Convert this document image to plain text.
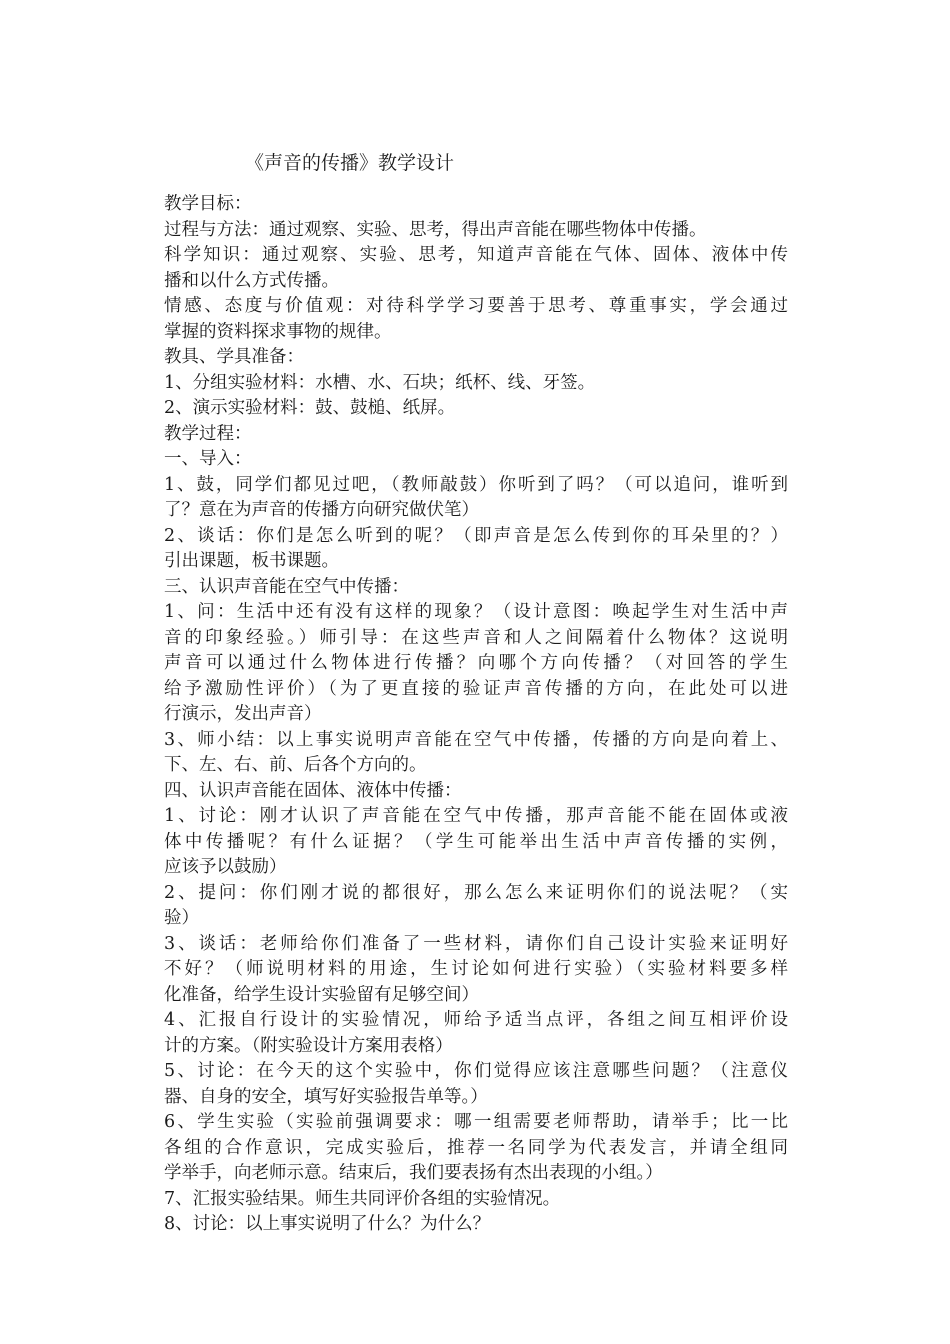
《声音的传播》教学设计
教学目标：
过程与方法：通过观察、实验、思考，得出声音能在哪些物体中传播。
科学知识：通过观察、实验、思考，知道声音能在气体、固体、液体中传
播和以什么方式传播。
情感、态度与价值观：对待科学学习要善于思考、尊重事实，学会通过
掌握的资料探求事物的规律。
教具、学具准备：
1、分组实验材料：水槽、水、石块；纸杯、线、牙签。
2、演示实验材料：鼓、鼓槌、纸屏。
教学过程：
一、导入：
1、鼓，同学们都见过吧，（教师敲鼓）你听到了吗？（可以追问，谁听到
了？意在为声音的传播方向研究做伏笔）
2、谈话：你们是怎么听到的呢？（即声音是怎么传到你的耳朵里的？）
引出课题，板书课题。
三、认识声音能在空气中传播：
1、问：生活中还有没有这样的现象？（设计意图：唤起学生对生活中声
音的印象经验。）师引导：在这些声音和人之间隔着什么物体？这说明
声音可以通过什么物体进行传播？向哪个方向传播？（对回答的学生
给予激励性评价）（为了更直接的验证声音传播的方向，在此处可以进
行演示，发出声音）
3、师小结：以上事实说明声音能在空气中传播，传播的方向是向着上、
下、左、右、前、后各个方向的。
四、认识声音能在固体、液体中传播：
1、讨论：刚才认识了声音能在空气中传播，那声音能不能在固体或液
体中传播呢？有什么证据？（学生可能举出生活中声音传播的实例，
应该予以鼓励）
2、提问：你们刚才说的都很好，那么怎么来证明你们的说法呢？（实
验）
3、谈话：老师给你们准备了一些材料，请你们自己设计实验来证明好
不好？（师说明材料的用途，生讨论如何进行实验）（实验材料要多样
化准备，给学生设计实验留有足够空间）
4、汇报自行设计的实验情况，师给予适当点评，各组之间互相评价设
计的方案。（附实验设计方案用表格）
5、讨论：在今天的这个实验中，你们觉得应该注意哪些问题？（注意仪
器、自身的安全，填写好实验报告单等。）
6、学生实验（实验前强调要求：哪一组需要老师帮助，请举手；比一比
各组的合作意识，完成实验后，推荐一名同学为代表发言，并请全组同
学举手，向老师示意。结束后，我们要表扬有杰出表现的小组。）
7、汇报实验结果。师生共同评价各组的实验情况。
8、讨论：以上事实说明了什么？为什么？
